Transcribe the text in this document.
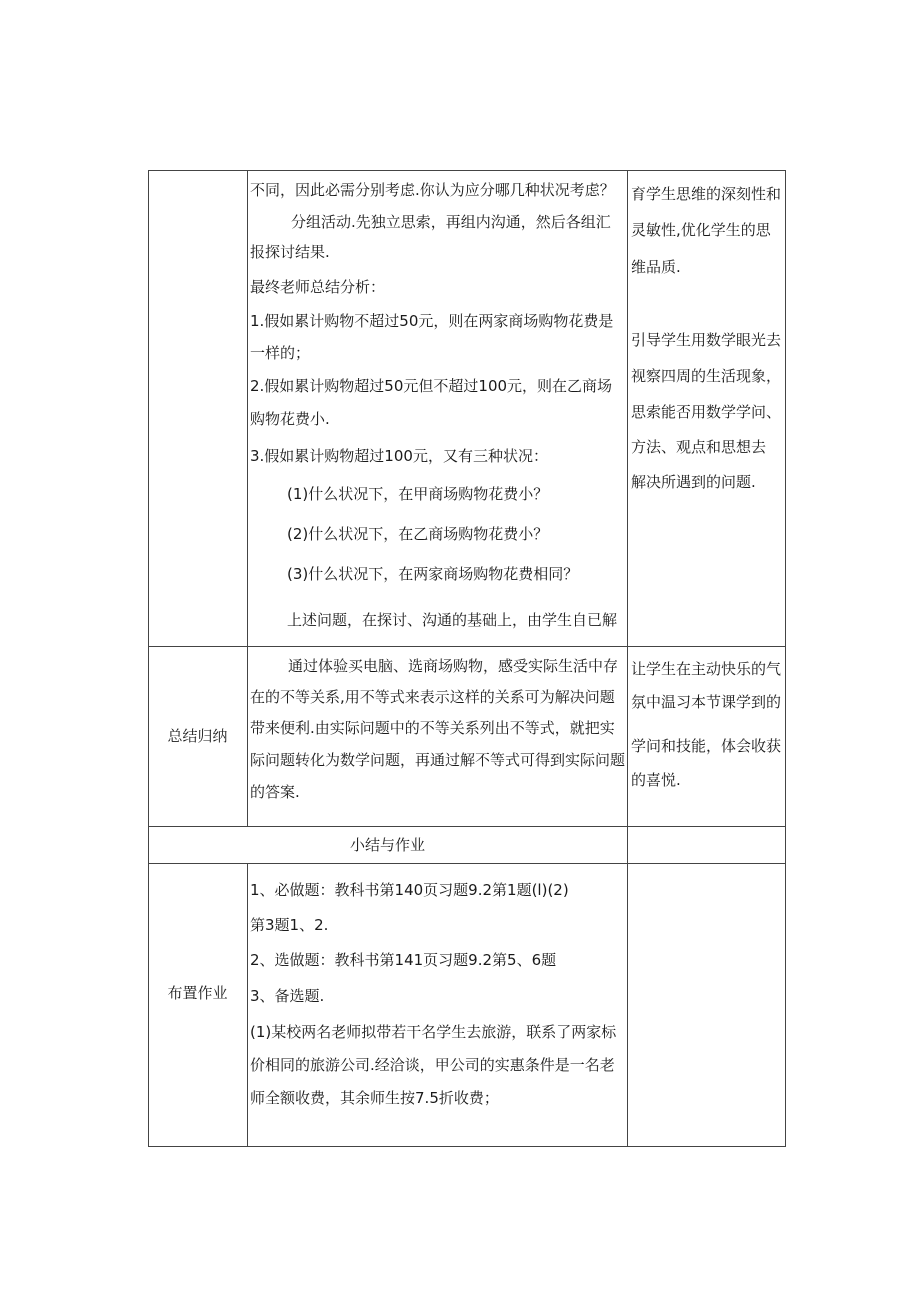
不同，因此必需分别考虑.你认为应分哪几种状况考虑？
分组活动.先独立思索，再组内沟通，然后各组汇
报探讨结果.
最终老师总结分析：
1.假如累计购物不超过50元，则在两家商场购物花费是
一样的；
2.假如累计购物超过50元但不超过100元，则在乙商场
购物花费小.
3.假如累计购物超过100元，又有三种状况：
(1)什么状况下，在甲商场购物花费小？
(2)什么状况下，在乙商场购物花费小？
(3)什么状况下，在两家商场购物花费相同？
上述问题，在探讨、沟通的基础上，由学生自已解
育学生思维的深刻性和
灵敏性,优化学生的思
维品质.
引导学生用数学眼光去
视察四周的生活现象，
思索能否用数学学问、
方法、观点和思想去
解决所遇到的问题.
总结归纳
通过体验买电脑、选商场购物，感受实际生活中存
在的不等关系,用不等式来表示这样的关系可为解决问题
带来便利.由实际问题中的不等关系列出不等式，就把实
际问题转化为数学问题，再通过解不等式可得到实际问题
的答案.
让学生在主动快乐的气
氛中温习本节课学到的
学问和技能，体会收获
的喜悦.
小结与作业
布置作业
1、必做题：教科书第140页习题9.2第1题(l)(2)
第3题1、2.
2、选做题：教科书第141页习题9.2第5、6题
3、备选题.
(1)某校两名老师拟带若干名学生去旅游，联系了两家标
价相同的旅游公司.经洽谈，甲公司的实惠条件是一名老
师全额收费，其余师生按7.5折收费；
